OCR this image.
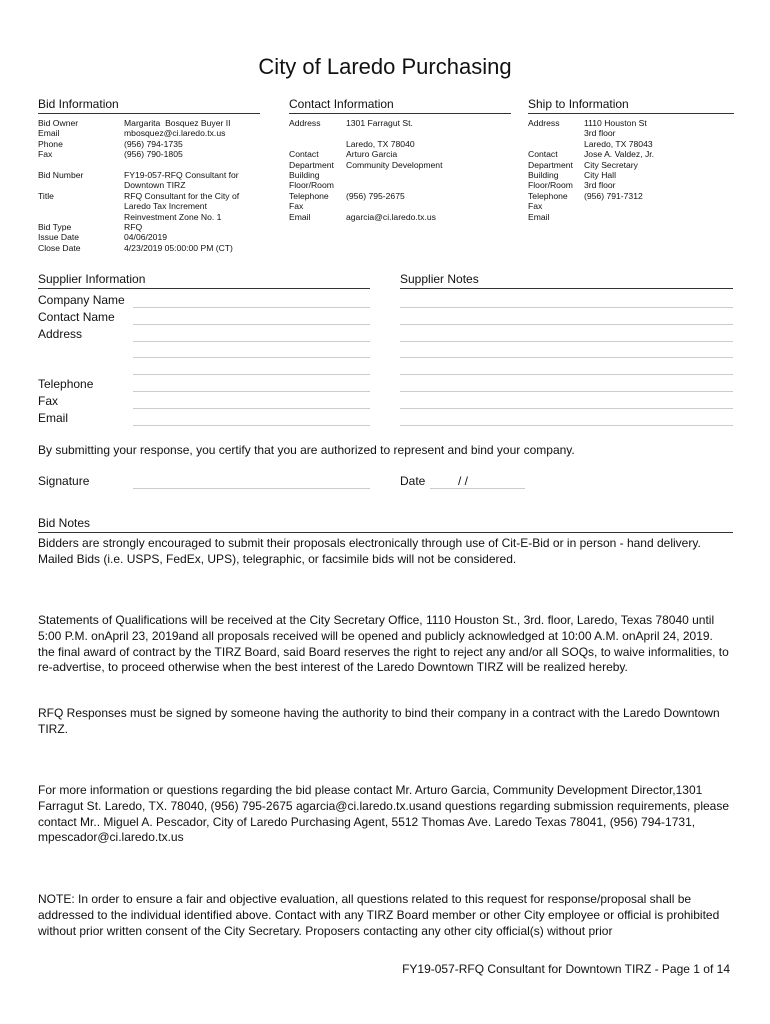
City of Laredo Purchasing
Bid Information	Contact Information	Ship to Information
Bid Owner	Margarita  Bosquez Buyer II
Email	mbosquez@ci.laredo.tx.us
Phone	(956) 794-1735
Fax	(956) 790-1805
Bid Number	FY19-057-RFQ Consultant for
Downtown TIRZ
Title	RFQ Consultant for the City of
Laredo Tax Increment
Reinvestment Zone No. 1
Bid Type	RFQ
Issue Date	04/06/2019
Close Date	4/23/2019 05:00:00 PM (CT)
Address	1301 Farragut St.
Laredo, TX 78040
Contact	Arturo Garcia
Department	Community Development
Building
Floor/Room
Telephone	(956) 795-2675
Fax
Email	agarcia@ci.laredo.tx.us
Address	1110 Houston St
3rd floor
Laredo, TX 78043
Contact	Jose A. Valdez, Jr.
Department	City Secretary
Building	City Hall
Floor/Room	3rd floor
Telephone	(956) 791-7312
Fax
Email
Supplier Information	Supplier Notes
Company Name
Contact Name
Address
Telephone
Fax
Email
By submitting your response, you certify that you are authorized to represent and bind your company.
Signature	Date	/ /
Bid Notes
Bidders are strongly encouraged to submit their proposals electronically through use of Cit-E-Bid or in person - hand delivery. Mailed Bids (i.e. USPS, FedEx, UPS), telegraphic, or facsimile bids will not be considered.
Statements of Qualifications will be received at the City Secretary Office, 1110 Houston St., 3rd. floor, Laredo, Texas 78040 until 5:00 P.M. onApril 23, 2019and all proposals received will be opened and publicly acknowledged at 10:00 A.M. onApril 24, 2019.         the final award of contract by the TIRZ Board, said Board reserves the right to reject any and/or all SOQs, to waive informalities, to re-advertise, to proceed otherwise when the best interest of the Laredo Downtown TIRZ will be realized hereby.
RFQ Responses must be signed by someone having the authority to bind their company in a contract with the Laredo Downtown TIRZ.
For more information or questions regarding the bid please contact Mr. Arturo Garcia, Community Development Director,1301 Farragut St. Laredo, TX. 78040, (956) 795-2675 agarcia@ci.laredo.tx.usand questions regarding submission requirements, please contact Mr.. Miguel A. Pescador, City of Laredo Purchasing Agent, 5512 Thomas Ave. Laredo Texas 78041, (956) 794-1731, mpescador@ci.laredo.tx.us
NOTE: In order to ensure a fair and objective evaluation, all questions related to this request for response/proposal shall be addressed to the individual identified above. Contact with any TIRZ Board member or other City employee or official is prohibited without prior written consent of the City Secretary. Proposers contacting any other city official(s) without prior
FY19-057-RFQ Consultant for Downtown TIRZ - Page 1 of 14
